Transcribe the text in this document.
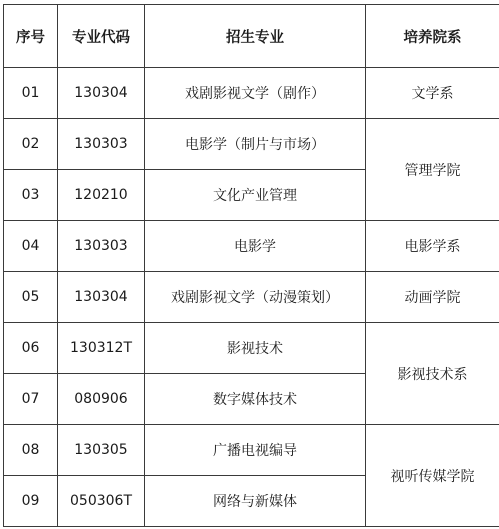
序号	专业代码	招生专业	培养院系
01	130304	戏剧影视文学（剧作）	文学系
02	130303	电影学（制片与市场）	管理学院
03	120210	文化产业管理	
04	130303	电影学	电影学系
05	130304	戏剧影视文学（动漫策划）	动画学院
06	130312T	影视技术	影视技术系
07	080906	数字媒体技术	
08	130305	广播电视编导	视听传媒学院
09	050306T	网络与新媒体	
